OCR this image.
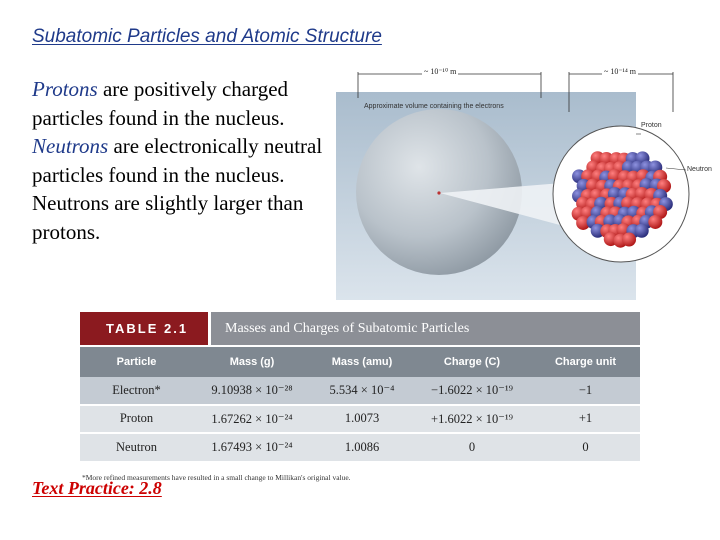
Subatomic Particles and Atomic Structure
Protons are positively charged particles found in the nucleus.
Neutrons are electronically neutral particles found in the nucleus.
Neutrons are slightly larger than protons.
~ 10⁻¹⁰ m	~ 10⁻¹⁴ m
Approximate volume containing the electrons
Proton
Neutron
TABLE 2.1	Masses and Charges of Subatomic Particles
Particle	Mass (g)	Mass (amu)	Charge (C)	Charge unit
Electron*	9.10938 × 10⁻²⁸	5.534 × 10⁻⁴	−1.6022 × 10⁻¹⁹	−1
Proton	1.67262 × 10⁻²⁴	1.0073	+1.6022 × 10⁻¹⁹	+1
Neutron	1.67493 × 10⁻²⁴	1.0086	0	0
*More refined measurements have resulted in a small change to Millikan's original value.
Text Practice: 2.8
